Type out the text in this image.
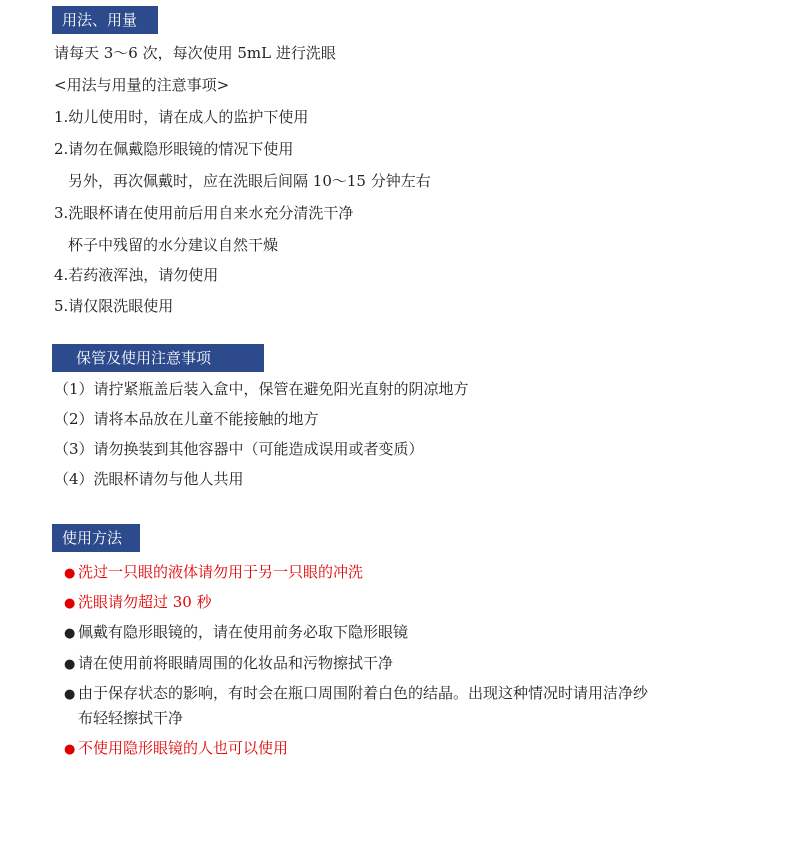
用法、用量
请每天 3～6 次，每次使用 5mL 进行洗眼
<用法与用量的注意事项>
1.幼儿使用时，请在成人的监护下使用
2.请勿在佩戴隐形眼镜的情况下使用
另外，再次佩戴时，应在洗眼后间隔 10～15 分钟左右
3.洗眼杯请在使用前后用自来水充分清洗干净
杯子中残留的水分建议自然干燥
4.若药液浑浊，请勿使用
5.请仅限洗眼使用
保管及使用注意事项
（1）请拧紧瓶盖后装入盒中，保管在避免阳光直射的阴凉地方
（2）请将本品放在儿童不能接触的地方
（3）请勿换装到其他容器中（可能造成误用或者变质）
（4）洗眼杯请勿与他人共用
使用方法
● 洗过一只眼的液体请勿用于另一只眼的冲洗
● 洗眼请勿超过 30 秒
● 佩戴有隐形眼镜的，请在使用前务必取下隐形眼镜
● 请在使用前将眼睛周围的化妆品和污物擦拭干净
● 由于保存状态的影响，有时会在瓶口周围附着白色的结晶。出现这种情况时请用洁净纱
布轻轻擦拭干净
● 不使用隐形眼镜的人也可以使用
